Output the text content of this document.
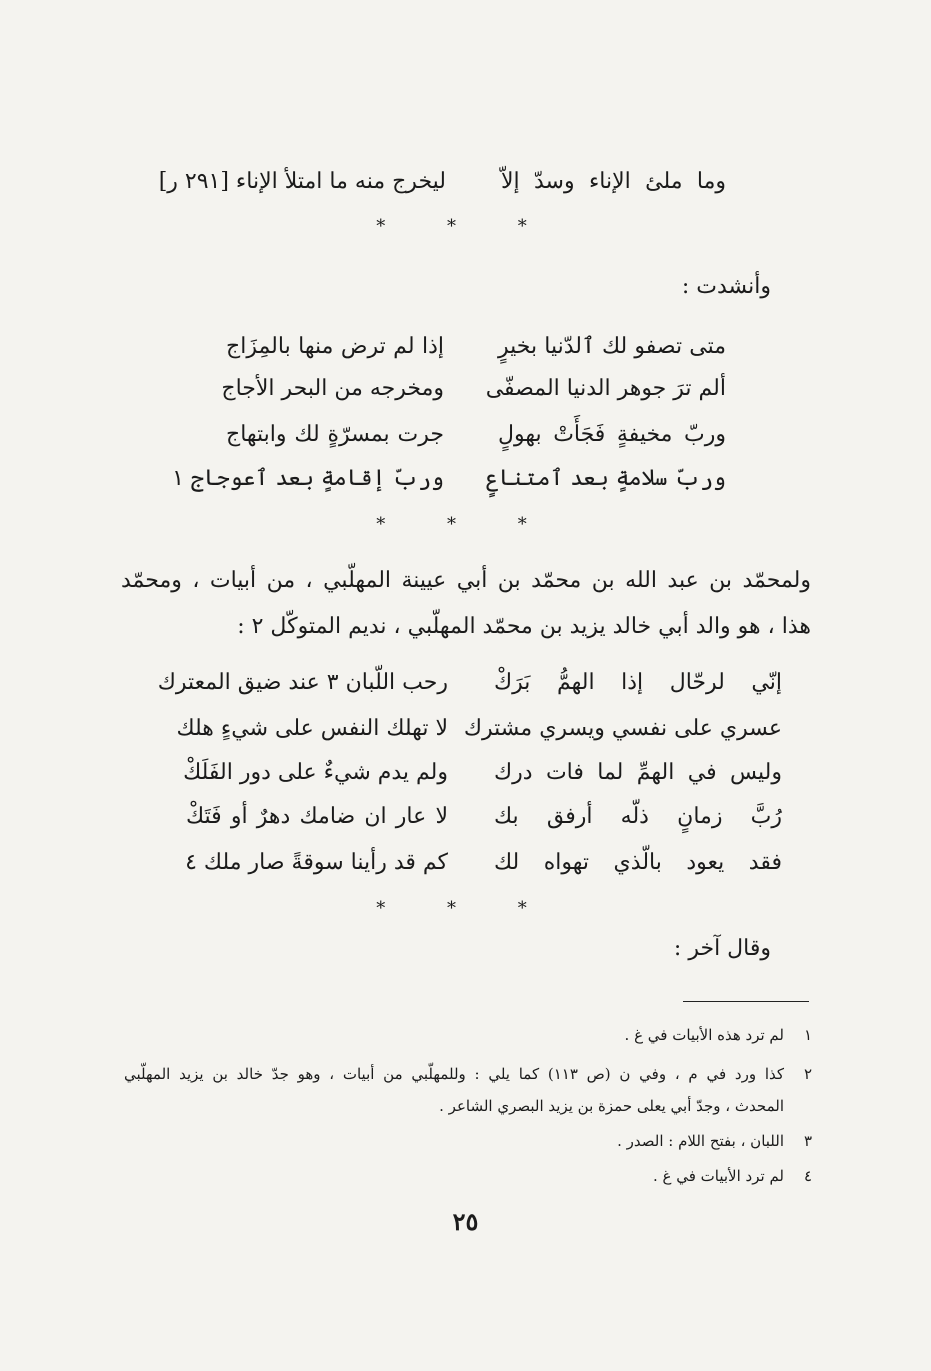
وما ملئ الإناء وسدّ إلاّ
ليخرج منه ما امتلأ الإناء [٢٩١ ر]
* * *
وأنشدت :
متى تصفو لك ٱلدّنيا بخيرٍ
إذا لم ترض منها بالمِزَاج
ألم ترَ جوهر الدنيا المصفّى
ومخرجه من البحر الأجاج
وربّ مخيفةٍ فَجَأَتْ بهولٍ
جرت بمسرّةٍ لك وابتهاج
وربّ سلامةٍ بعد ٱمتناعٍ
وربّ إقامةٍ بعد ٱعوجاج ١
* * *
ولمحمّد بن عبد الله بن محمّد بن أبي عيينة المهلّبي ، من أبيات ، ومحمّد
هذا ، هو والد أبي خالد يزيد بن محمّد المهلّبي ، نديم المتوكّل ٢ :
إنّي لرحّال إذا الهمُّ بَرَكْ
رحب اللّبان ٣ عند ضيق المعترك
عسري على نفسي ويسري مشترك
لا تهلك النفس على شيءٍ هلك
وليس في الهمِّ لما فات درك
ولم يدم شيءٌ على دور الفَلَكْ
رُبَّ زمانٍ ذلّه أرفق بك
لا عار ان ضامك دهرٌ أو فَتَكْ
فقد يعود بالّذي تهواه لك
كم قد رأينا سوقةً صار ملك ٤
* * *
وقال آخر :
١
لم ترد هذه الأبيات في غ .
٢
كذا ورد في م ، وفي ن (ص ١١٣) كما يلي : وللمهلّبي من أبيات ، وهو جدّ خالد بن يزيد المهلّبي
المحدث ، وجدّ أبي يعلى حمزة بن يزيد البصري الشاعر .
٣
اللبان ، بفتح اللام : الصدر .
٤
لم ترد الأبيات في غ .
٢٥
